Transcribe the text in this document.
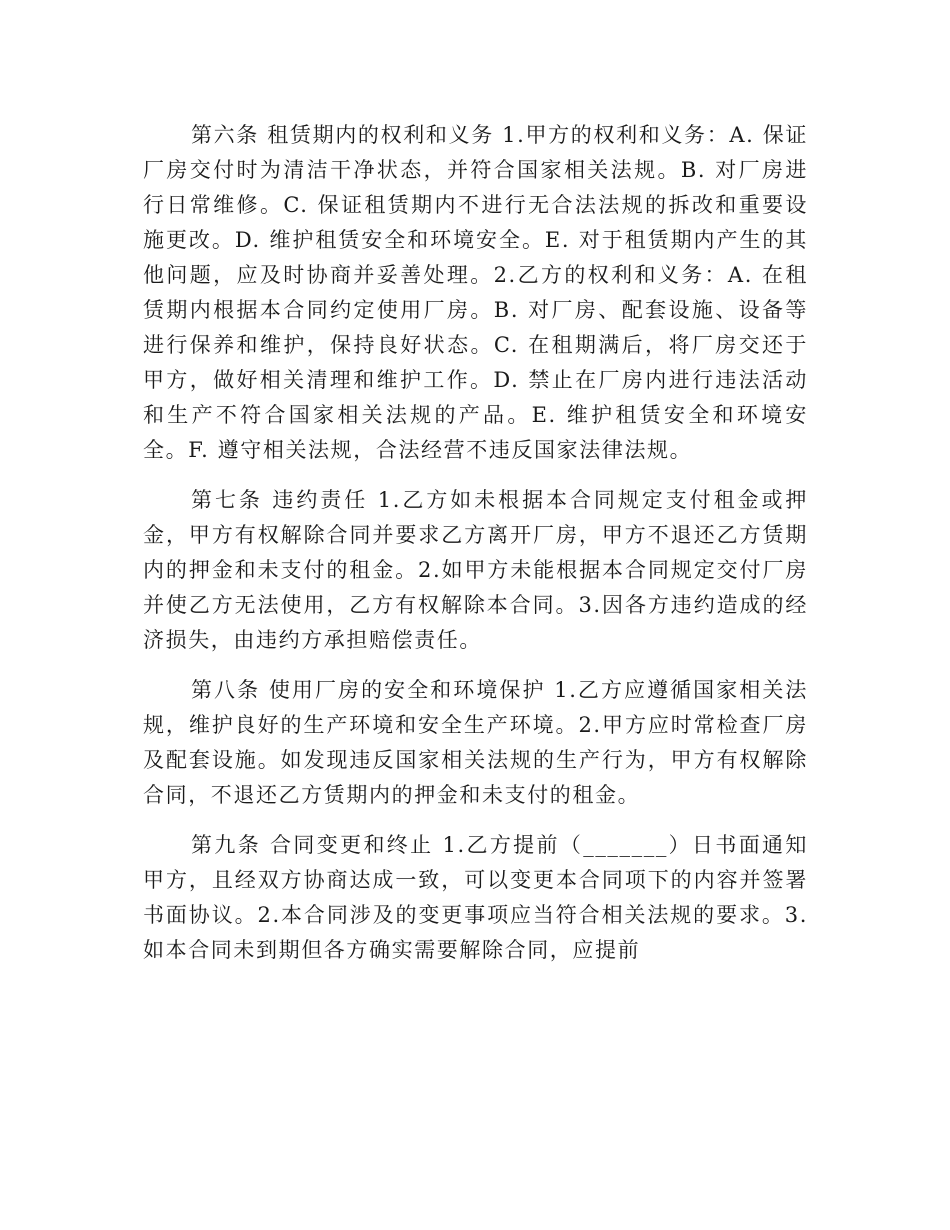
第六条 租赁期内的权利和义务 1.甲方的权利和义务：A. 保证厂房交付时为清洁干净状态，并符合国家相关法规。B. 对厂房进行日常维修。C. 保证租赁期内不进行无合法法规的拆改和重要设施更改。D. 维护租赁安全和环境安全。E. 对于租赁期内产生的其他问题，应及时协商并妥善处理。2.乙方的权利和义务：A. 在租赁期内根据本合同约定使用厂房。B. 对厂房、配套设施、设备等进行保养和维护，保持良好状态。C. 在租期满后，将厂房交还于甲方，做好相关清理和维护工作。D. 禁止在厂房内进行违法活动和生产不符合国家相关法规的产品。E. 维护租赁安全和环境安全。F. 遵守相关法规，合法经营不违反国家法律法规。

第七条 违约责任 1.乙方如未根据本合同规定支付租金或押金，甲方有权解除合同并要求乙方离开厂房，甲方不退还乙方赁期内的押金和未支付的租金。2.如甲方未能根据本合同规定交付厂房并使乙方无法使用，乙方有权解除本合同。3.因各方违约造成的经济损失，由违约方承担赔偿责任。

第八条 使用厂房的安全和环境保护 1.乙方应遵循国家相关法规，维护良好的生产环境和安全生产环境。2.甲方应时常检查厂房及配套设施。如发现违反国家相关法规的生产行为，甲方有权解除合同，不退还乙方赁期内的押金和未支付的租金。

第九条 合同变更和终止 1.乙方提前（_______）日书面通知甲方，且经双方协商达成一致，可以变更本合同项下的内容并签署书面协议。2.本合同涉及的变更事项应当符合相关法规的要求。3.如本合同未到期但各方确实需要解除合同，应提前
